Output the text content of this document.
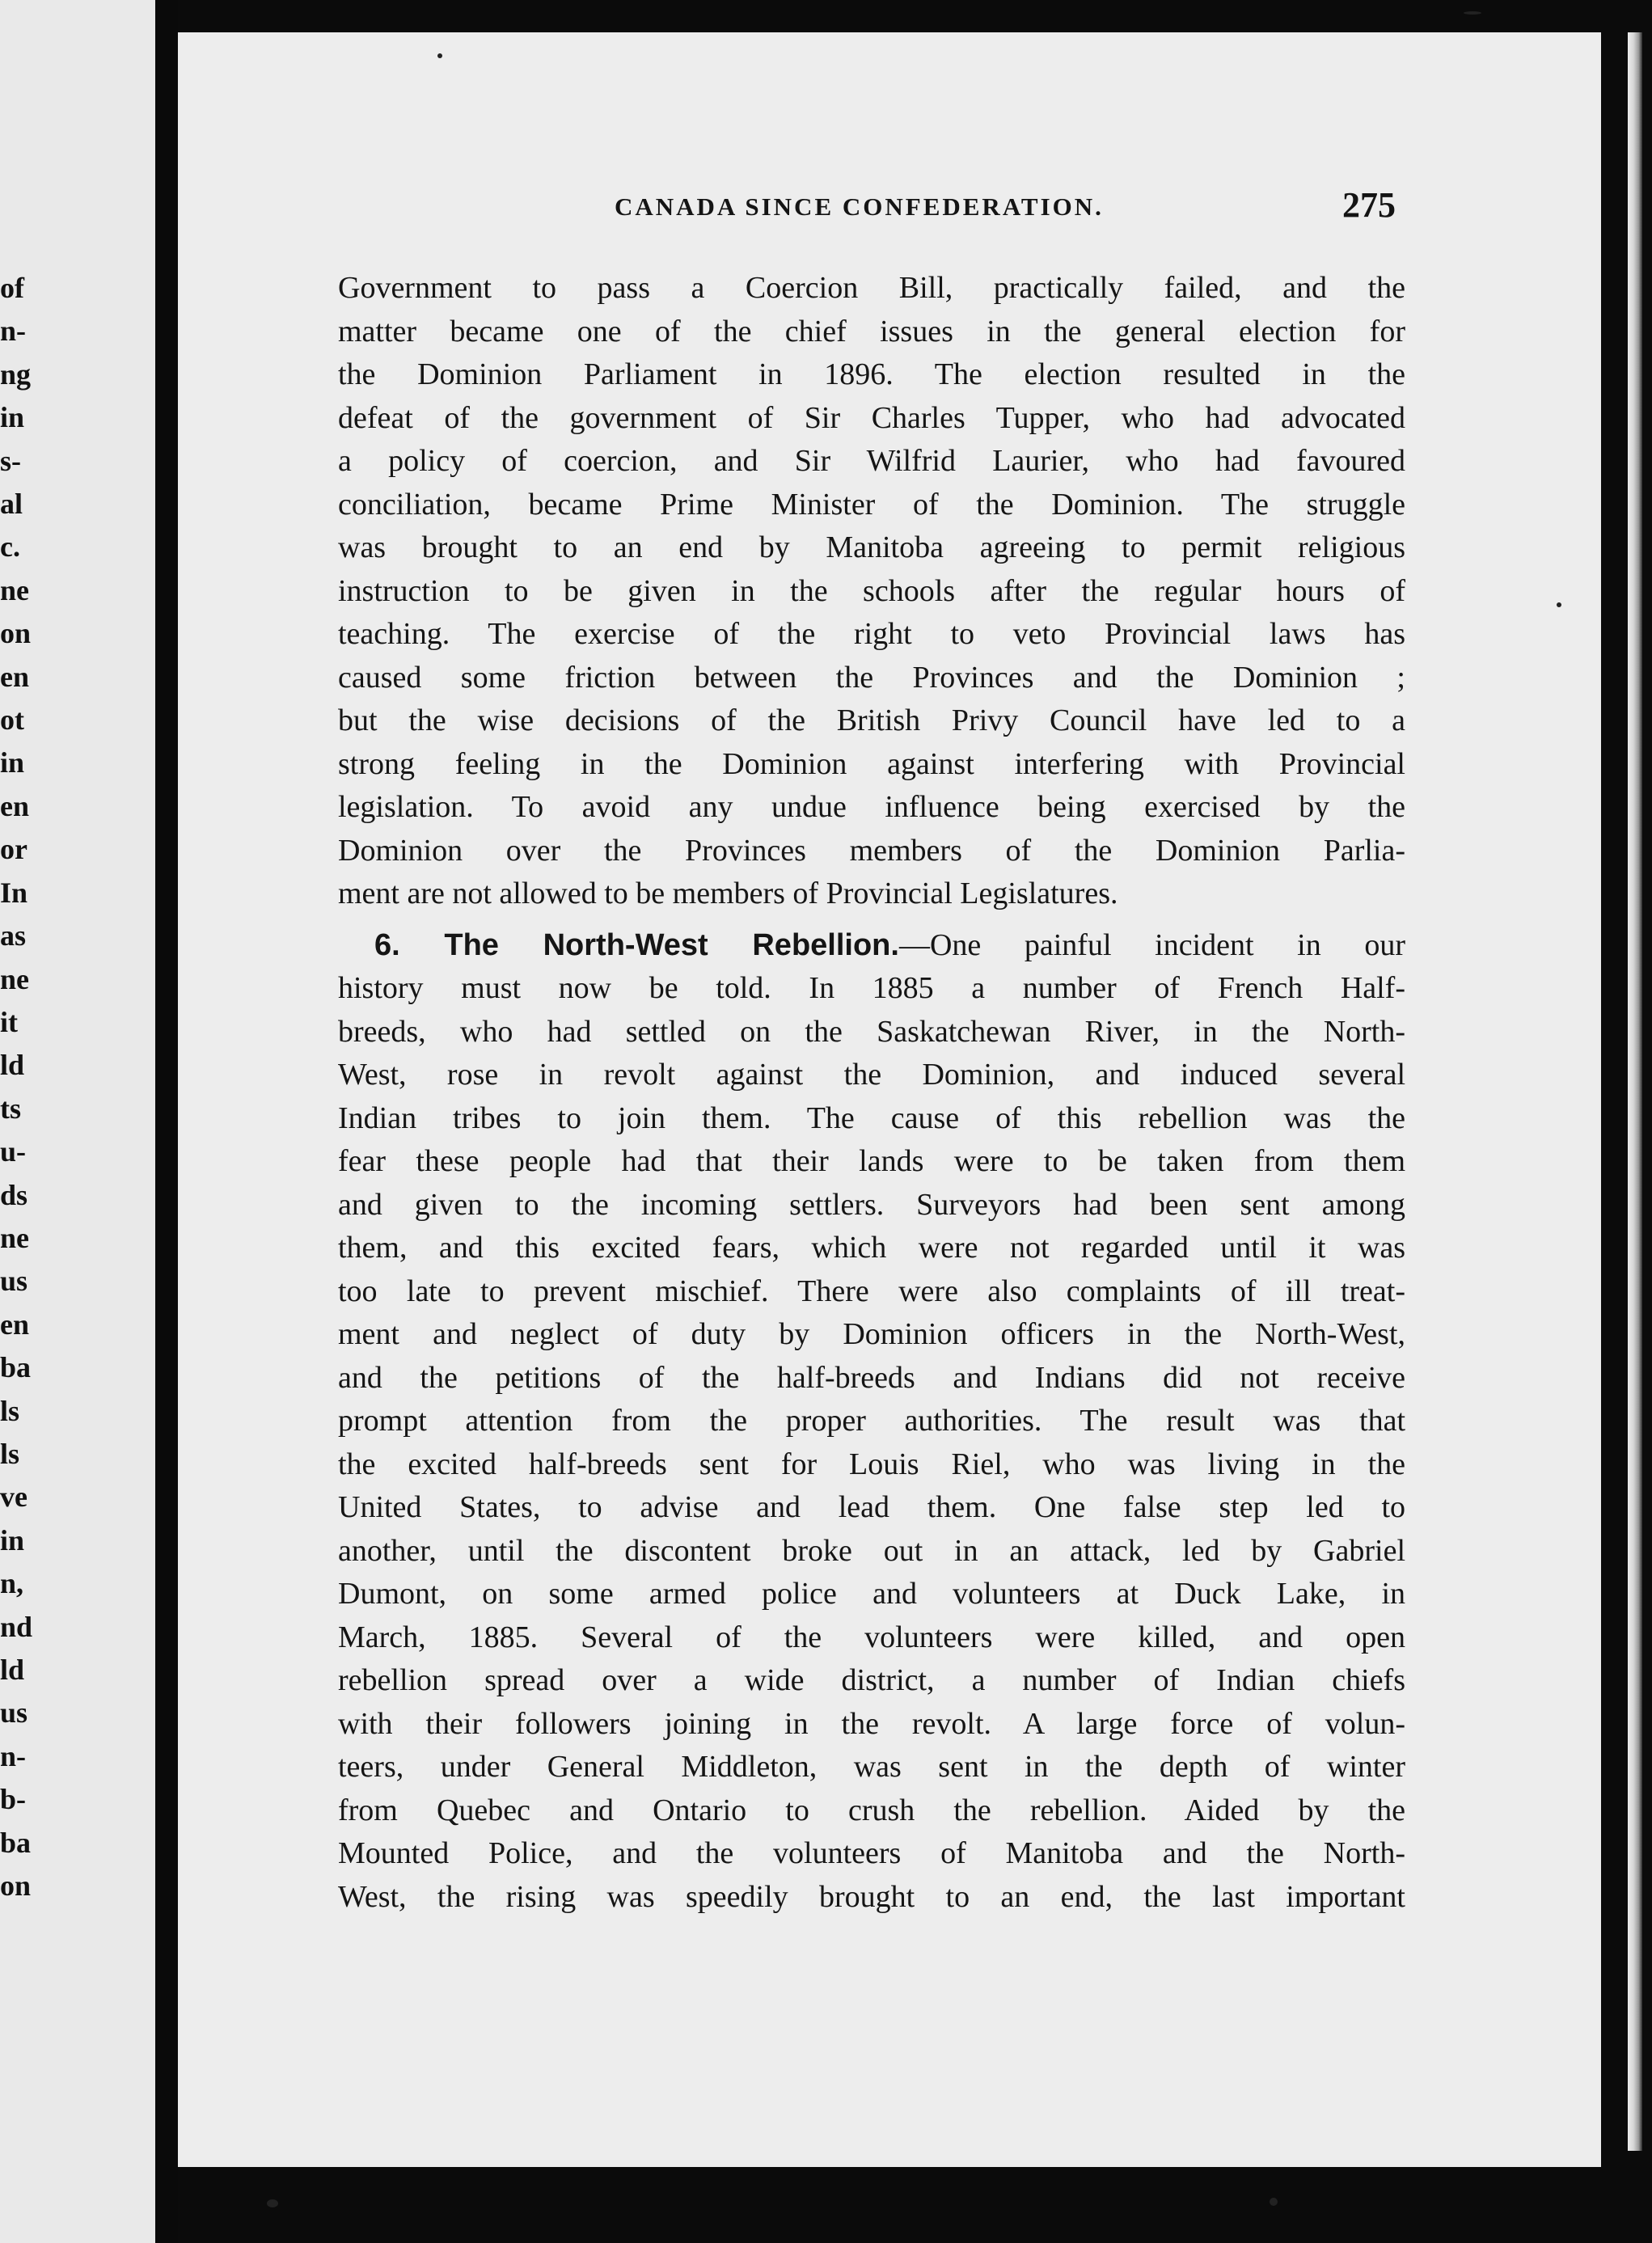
of
n-
ng
in
s-
al
c.
ne
on
en
ot
in
en
or
In
as
ne
it
ld
ts
u-
ds
ne
us
en
ba
ls
ls
ve
in
n,
nd
ld
us
n-
b-
ba
on
CANADA SINCE CONFEDERATION.	275
Government to pass a Coercion Bill, practically failed, and the
matter became one of the chief issues in the general election for
the Dominion Parliament in 1896. The election resulted in the
defeat of the government of Sir Charles Tupper, who had advocated
a policy of coercion, and Sir Wilfrid Laurier, who had favoured
conciliation, became Prime Minister of the Dominion. The struggle
was brought to an end by Manitoba agreeing to permit religious
instruction to be given in the schools after the regular hours of
teaching. The exercise of the right to veto Provincial laws has
caused some friction between the Provinces and the Dominion ;
but the wise decisions of the British Privy Council have led to a
strong feeling in the Dominion against interfering with Provincial
legislation. To avoid any undue influence being exercised by the
Dominion over the Provinces members of the Dominion Parlia-
ment are not allowed to be members of Provincial Legislatures.
6. The North-West Rebellion.—One painful incident in our
history must now be told. In 1885 a number of French Half-
breeds, who had settled on the Saskatchewan River, in the North-
West, rose in revolt against the Dominion, and induced several
Indian tribes to join them. The cause of this rebellion was the
fear these people had that their lands were to be taken from them
and given to the incoming settlers. Surveyors had been sent among
them, and this excited fears, which were not regarded until it was
too late to prevent mischief. There were also complaints of ill treat-
ment and neglect of duty by Dominion officers in the North-West,
and the petitions of the half-breeds and Indians did not receive
prompt attention from the proper authorities. The result was that
the excited half-breeds sent for Louis Riel, who was living in the
United States, to advise and lead them. One false step led to
another, until the discontent broke out in an attack, led by Gabriel
Dumont, on some armed police and volunteers at Duck Lake, in
March, 1885. Several of the volunteers were killed, and open
rebellion spread over a wide district, a number of Indian chiefs
with their followers joining in the revolt. A large force of volun-
teers, under General Middleton, was sent in the depth of winter
from Quebec and Ontario to crush the rebellion. Aided by the
Mounted Police, and the volunteers of Manitoba and the North-
West, the rising was speedily brought to an end, the last important
